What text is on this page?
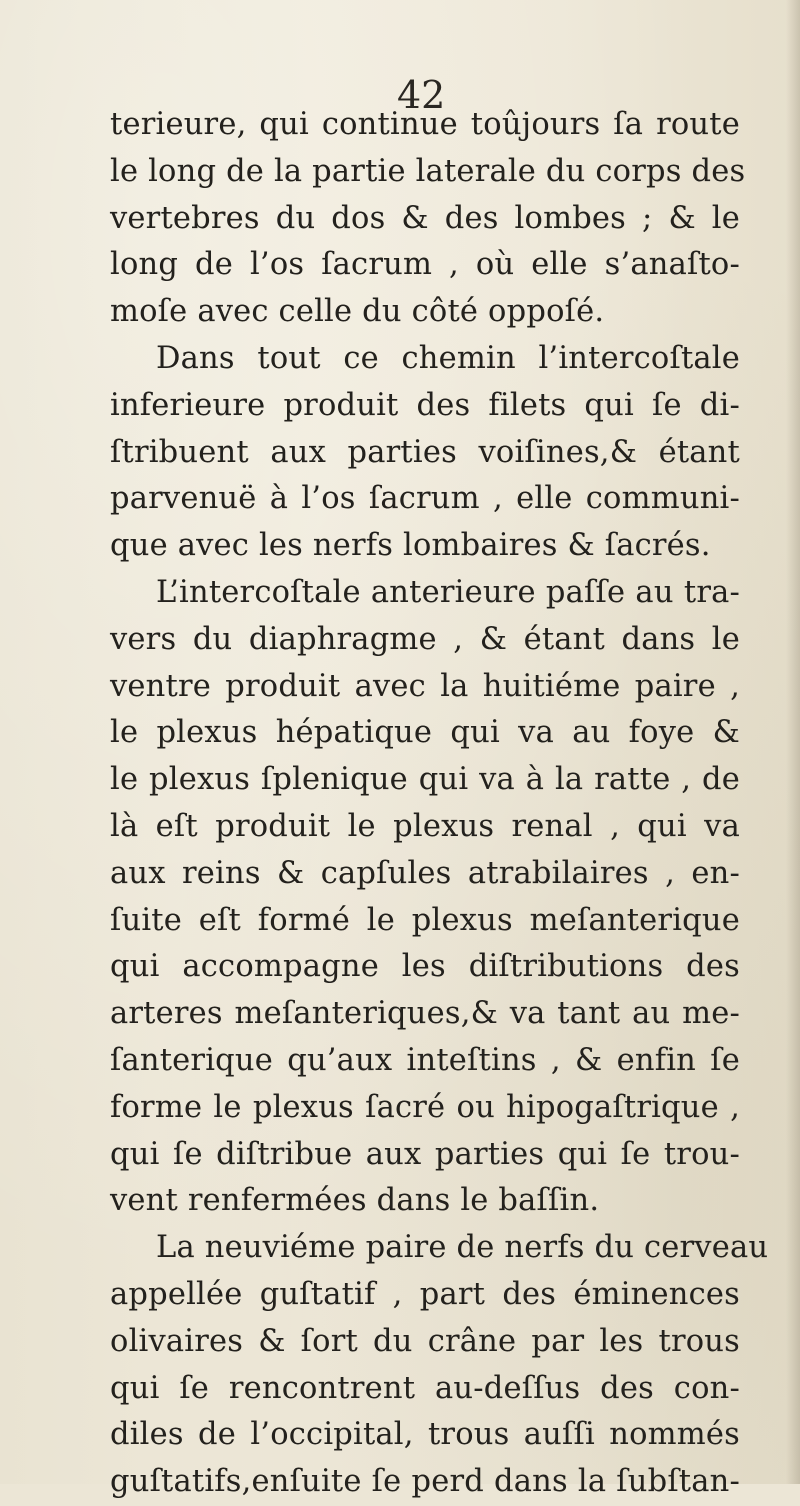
42
terieure, qui continue toûjours ſa route
le long de la partie laterale du corps des
vertebres du dos & des lombes ; & le
long de l’os ſacrum , où elle s’anaſto-
moſe avec celle du côté oppoſé.
Dans tout ce chemin l’intercoſtale
inferieure produit des filets qui ſe di-
ſtribuent aux parties voiſines,& étant
parvenuë à l’os ſacrum , elle communi-
que avec les nerfs lombaires & ſacrés.
L’intercoſtale anterieure paſſe au tra-
vers du diaphragme , & étant dans le
ventre produit avec la huitiéme paire ,
le plexus hépatique qui va au foye &
le plexus ſplenique qui va à la ratte , de
là eſt produit le plexus renal , qui va
aux reins & capſules atrabilaires , en-
ſuite eſt formé le plexus meſanterique
qui accompagne les diſtributions des
arteres meſanteriques,& va tant au me-
ſanterique qu’aux inteſtins , & enfin ſe
forme le plexus ſacré ou hipogaſtrique ,
qui ſe diſtribue aux parties qui ſe trou-
vent renfermées dans le baſſin.
La neuviéme paire de nerfs du cerveau
appellée guſtatif , part des éminences
olivaires & ſort du crâne par les trous
qui ſe rencontrent au-deſſus des con-
diles de l’occipital, trous auſſi nommés
guſtatifs,enſuite ſe perd dans la ſubſtan-
